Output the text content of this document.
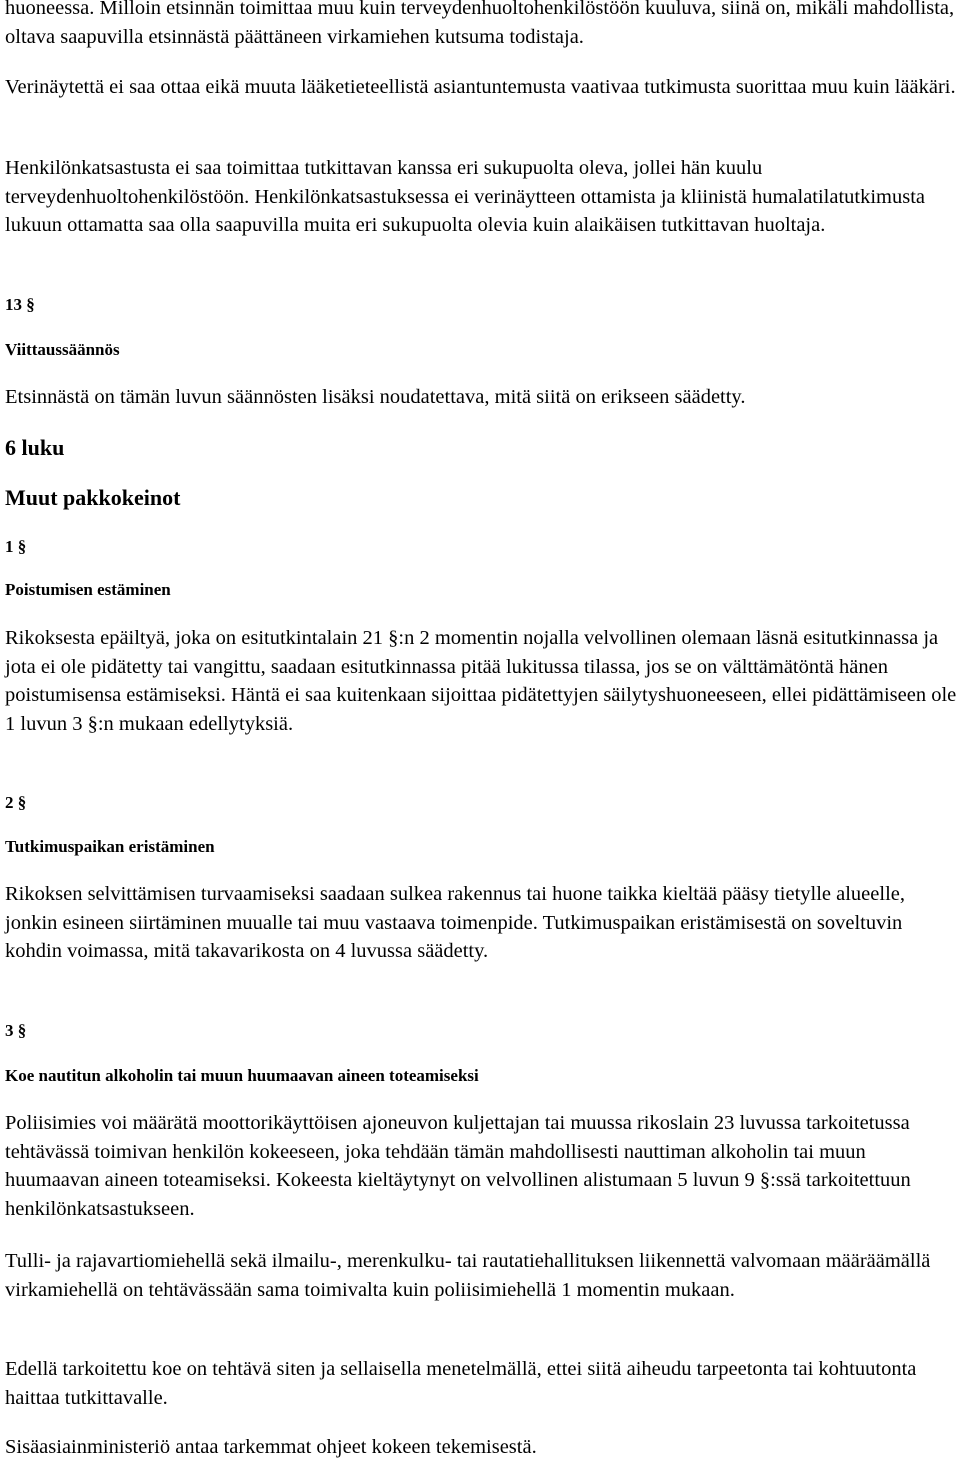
huoneessa. Milloin etsinnän toimittaa muu kuin terveydenhuoltohenkilöstöön kuuluva, siinä on, mikäli mahdollista, oltava saapuvilla etsinnästä päättäneen virkamiehen kutsuma todistaja.

Verinäytettä ei saa ottaa eikä muuta lääketieteellistä asiantuntemusta vaativaa tutkimusta suorittaa muu kuin lääkäri.

Henkilönkatsastusta ei saa toimittaa tutkittavan kanssa eri sukupuolta oleva, jollei hän kuulu terveydenhuoltohenkilöstöön. Henkilönkatsastuksessa ei verinäytteen ottamista ja kliinistä humalatilatutkimusta lukuun ottamatta saa olla saapuvilla muita eri sukupuolta olevia kuin alaikäisen tutkittavan huoltaja.

13 §
Viittaussäännös

Etsinnästä on tämän luvun säännösten lisäksi noudatettava, mitä siitä on erikseen säädetty.

6 luku
Muut pakkokeinot
1 §
Poistumisen estäminen

Rikoksesta epäiltyä, joka on esitutkintalain 21 §:n 2 momentin nojalla velvollinen olemaan läsnä esitutkinnassa ja jota ei ole pidätetty tai vangittu, saadaan esitutkinnassa pitää lukitussa tilassa, jos se on välttämätöntä hänen poistumisensa estämiseksi. Häntä ei saa kuitenkaan sijoittaa pidätettyjen säilytyshuoneeseen, ellei pidättämiseen ole 1 luvun 3 §:n mukaan edellytyksiä.

2 §
Tutkimuspaikan eristäminen

Rikoksen selvittämisen turvaamiseksi saadaan sulkea rakennus tai huone taikka kieltää pääsy tietylle alueelle, jonkin esineen siirtäminen muualle tai muu vastaava toimenpide. Tutkimuspaikan eristämisestä on soveltuvin kohdin voimassa, mitä takavarikosta on 4 luvussa säädetty.

3 §
Koe nautitun alkoholin tai muun huumaavan aineen toteamiseksi

Poliisimies voi määrätä moottorikäyttöisen ajoneuvon kuljettajan tai muussa rikoslain 23 luvussa tarkoitetussa tehtävässä toimivan henkilön kokeeseen, joka tehdään tämän mahdollisesti nauttiman alkoholin tai muun huumaavan aineen toteamiseksi. Kokeesta kieltäytynyt on velvollinen alistumaan 5 luvun 9 §:ssä tarkoitettuun henkilönkatsastukseen.

Tulli- ja rajavartiomiehellä sekä ilmailu-, merenkulku- tai rautatiehallituksen liikennettä valvomaan määräämällä virkamiehellä on tehtävässään sama toimivalta kuin poliisimiehellä 1 momentin mukaan.

Edellä tarkoitettu koe on tehtävä siten ja sellaisella menetelmällä, ettei siitä aiheudu tarpeetonta tai kohtuutonta haittaa tutkittavalle.

Sisäasiainministeriö antaa tarkemmat ohjeet kokeen tekemisestä.
